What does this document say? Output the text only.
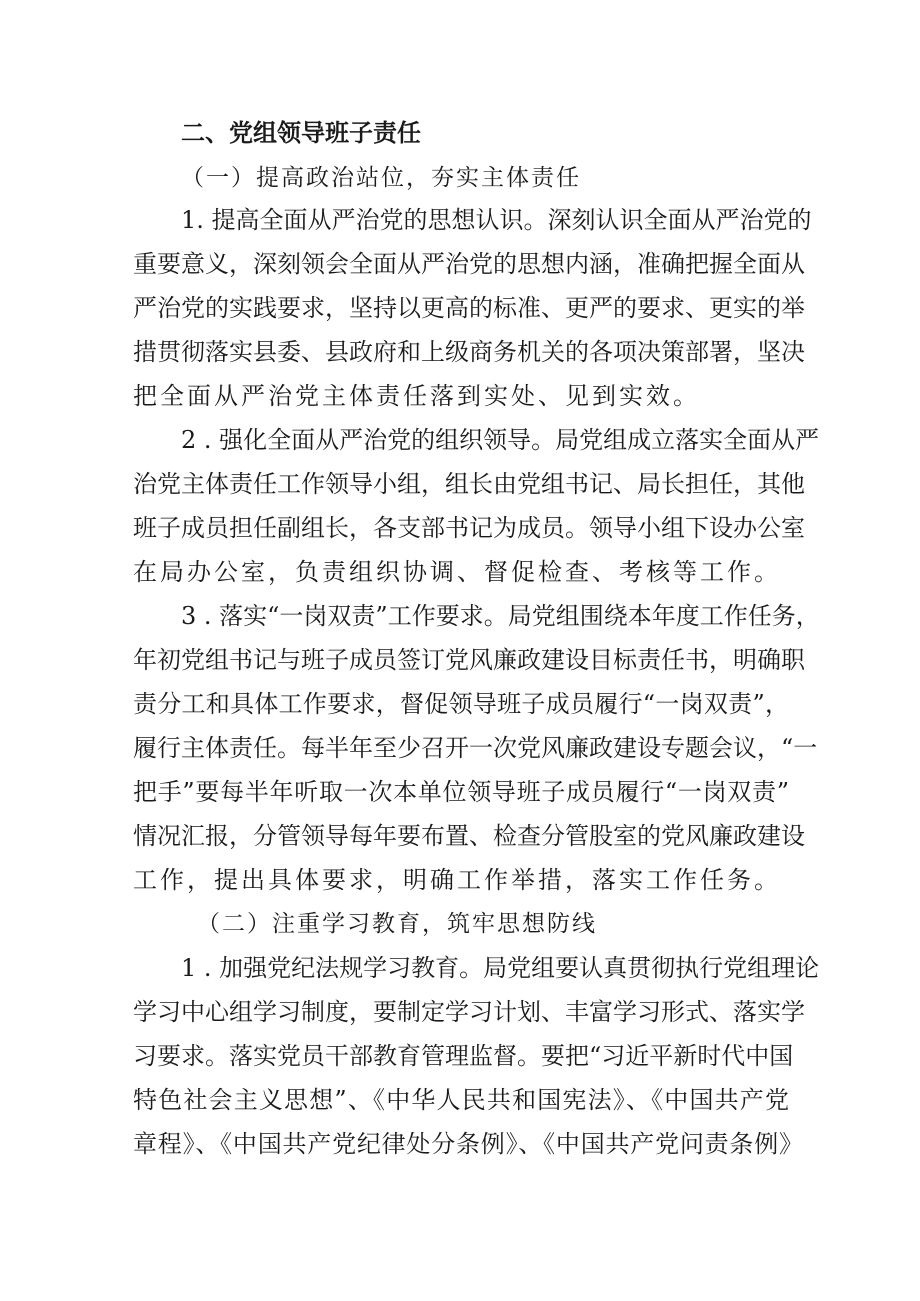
二、党组领导班子责任
（一）提高政治站位，夯实主体责任
1. 提高全面从严治党的思想认识。深刻认识全面从严治党的
重要意义，深刻领会全面从严治党的思想内涵，准确把握全面从
严治党的实践要求，坚持以更高的标准、更严的要求、更实的举
措贯彻落实县委、县政府和上级商务机关的各项决策部署，坚决
把全面从严治党主体责任落到实处、见到实效。
2 . 强化全面从严治党的组织领导。局党组成立落实全面从严
治党主体责任工作领导小组，组长由党组书记、局长担任，其他
班子成员担任副组长，各支部书记为成员。领导小组下设办公室
在局办公室，负责组织协调、督促检查、考核等工作。
3 . 落实“一岗双责”工作要求。局党组围绕本年度工作任务，
年初党组书记与班子成员签订党风廉政建设目标责任书，明确职
责分工和具体工作要求，督促领导班子成员履行“一岗双责”，
履行主体责任。每半年至少召开一次党风廉政建设专题会议，“一
把手”要每半年听取一次本单位领导班子成员履行“一岗双责”
情况汇报，分管领导每年要布置、检查分管股室的党风廉政建设
工作，提出具体要求，明确工作举措，落实工作任务。
（二）注重学习教育，筑牢思想防线
1 . 加强党纪法规学习教育。局党组要认真贯彻执行党组理论
学习中心组学习制度，要制定学习计划、丰富学习形式、落实学
习要求。落实党员干部教育管理监督。要把“习近平新时代中国
特色社会主义思想”、《中华人民共和国宪法》、《中国共产党
章程》、《中国共产党纪律处分条例》、《中国共产党问责条例》
